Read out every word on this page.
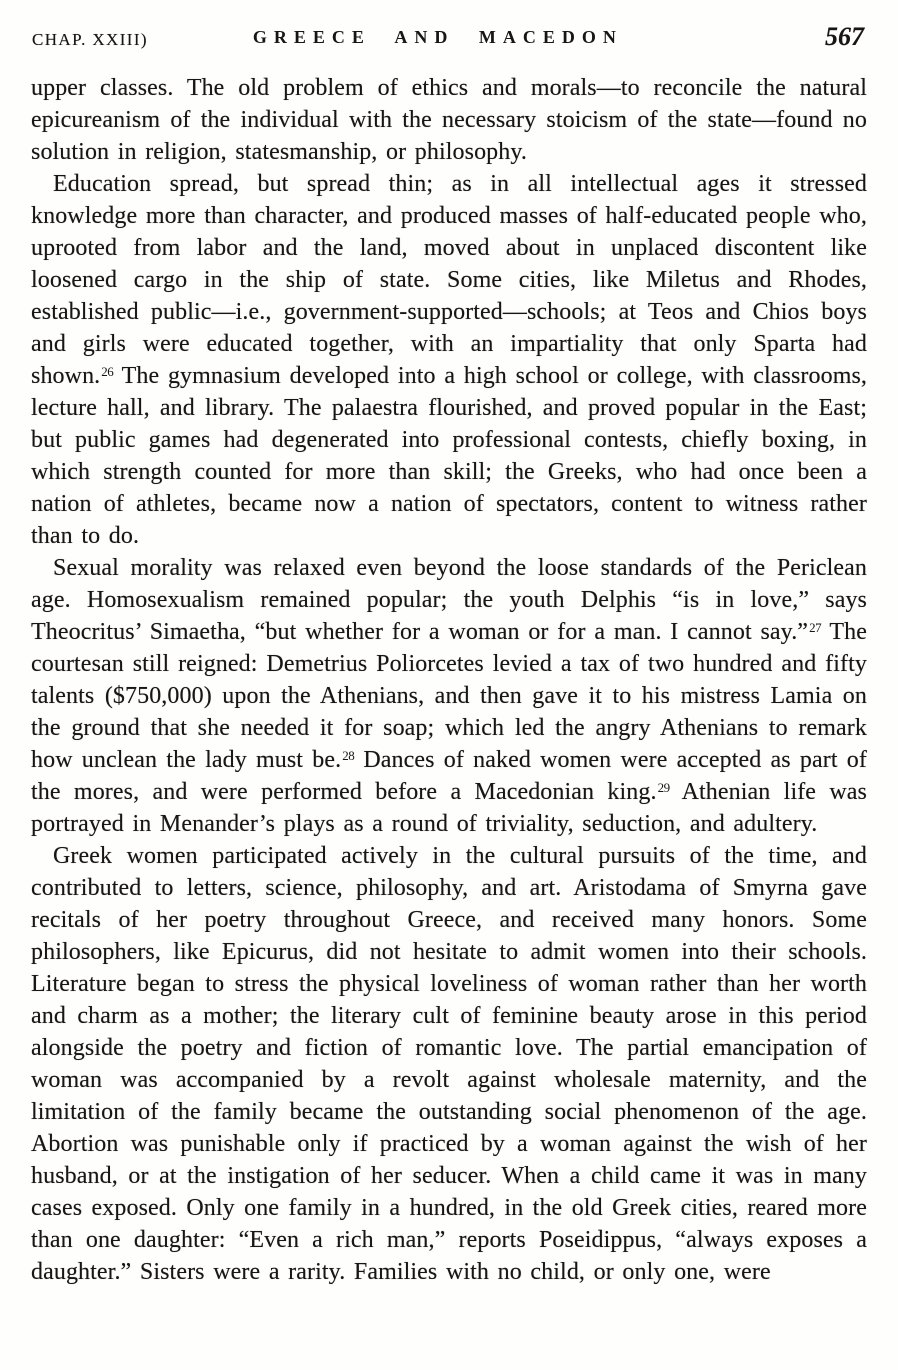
CHAP. XXIII)	GREECE AND MACEDON	567

upper classes. The old problem of ethics and morals—to reconcile the natural epicureanism of the individual with the necessary stoicism of the state—found no solution in religion, statesmanship, or philosophy.

Education spread, but spread thin; as in all intellectual ages it stressed knowledge more than character, and produced masses of half-educated people who, uprooted from labor and the land, moved about in unplaced discontent like loosened cargo in the ship of state. Some cities, like Miletus and Rhodes, established public—i.e., government-supported—schools; at Teos and Chios boys and girls were educated together, with an impartiality that only Sparta had shown.$^{26}$ The gymnasium developed into a high school or college, with classrooms, lecture hall, and library. The palaestra flourished, and proved popular in the East; but public games had degenerated into professional contests, chiefly boxing, in which strength counted for more than skill; the Greeks, who had once been a nation of athletes, became now a nation of spectators, content to witness rather than to do.

Sexual morality was relaxed even beyond the loose standards of the Periclean age. Homosexualism remained popular; the youth Delphis “is in love,” says Theocritus’ Simaetha, “but whether for a woman or for a man. I cannot say.”$^{27}$ The courtesan still reigned: Demetrius Poliorcetes levied a tax of two hundred and fifty talents ($750,000) upon the Athenians, and then gave it to his mistress Lamia on the ground that she needed it for soap; which led the angry Athenians to remark how unclean the lady must be.$^{28}$ Dances of naked women were accepted as part of the mores, and were performed before a Macedonian king.$^{29}$ Athenian life was portrayed in Menander’s plays as a round of triviality, seduction, and adultery.

Greek women participated actively in the cultural pursuits of the time, and contributed to letters, science, philosophy, and art. Aristodama of Smyrna gave recitals of her poetry throughout Greece, and received many honors. Some philosophers, like Epicurus, did not hesitate to admit women into their schools. Literature began to stress the physical loveliness of woman rather than her worth and charm as a mother; the literary cult of feminine beauty arose in this period alongside the poetry and fiction of romantic love. The partial emancipation of woman was accompanied by a revolt against wholesale maternity, and the limitation of the family became the outstanding social phenomenon of the age. Abortion was punishable only if practiced by a woman against the wish of her husband, or at the instigation of her seducer. When a child came it was in many cases exposed. Only one family in a hundred, in the old Greek cities, reared more than one daughter: “Even a rich man,” reports Poseidippus, “always exposes a daughter.” Sisters were a rarity. Families with no child, or only one, were
